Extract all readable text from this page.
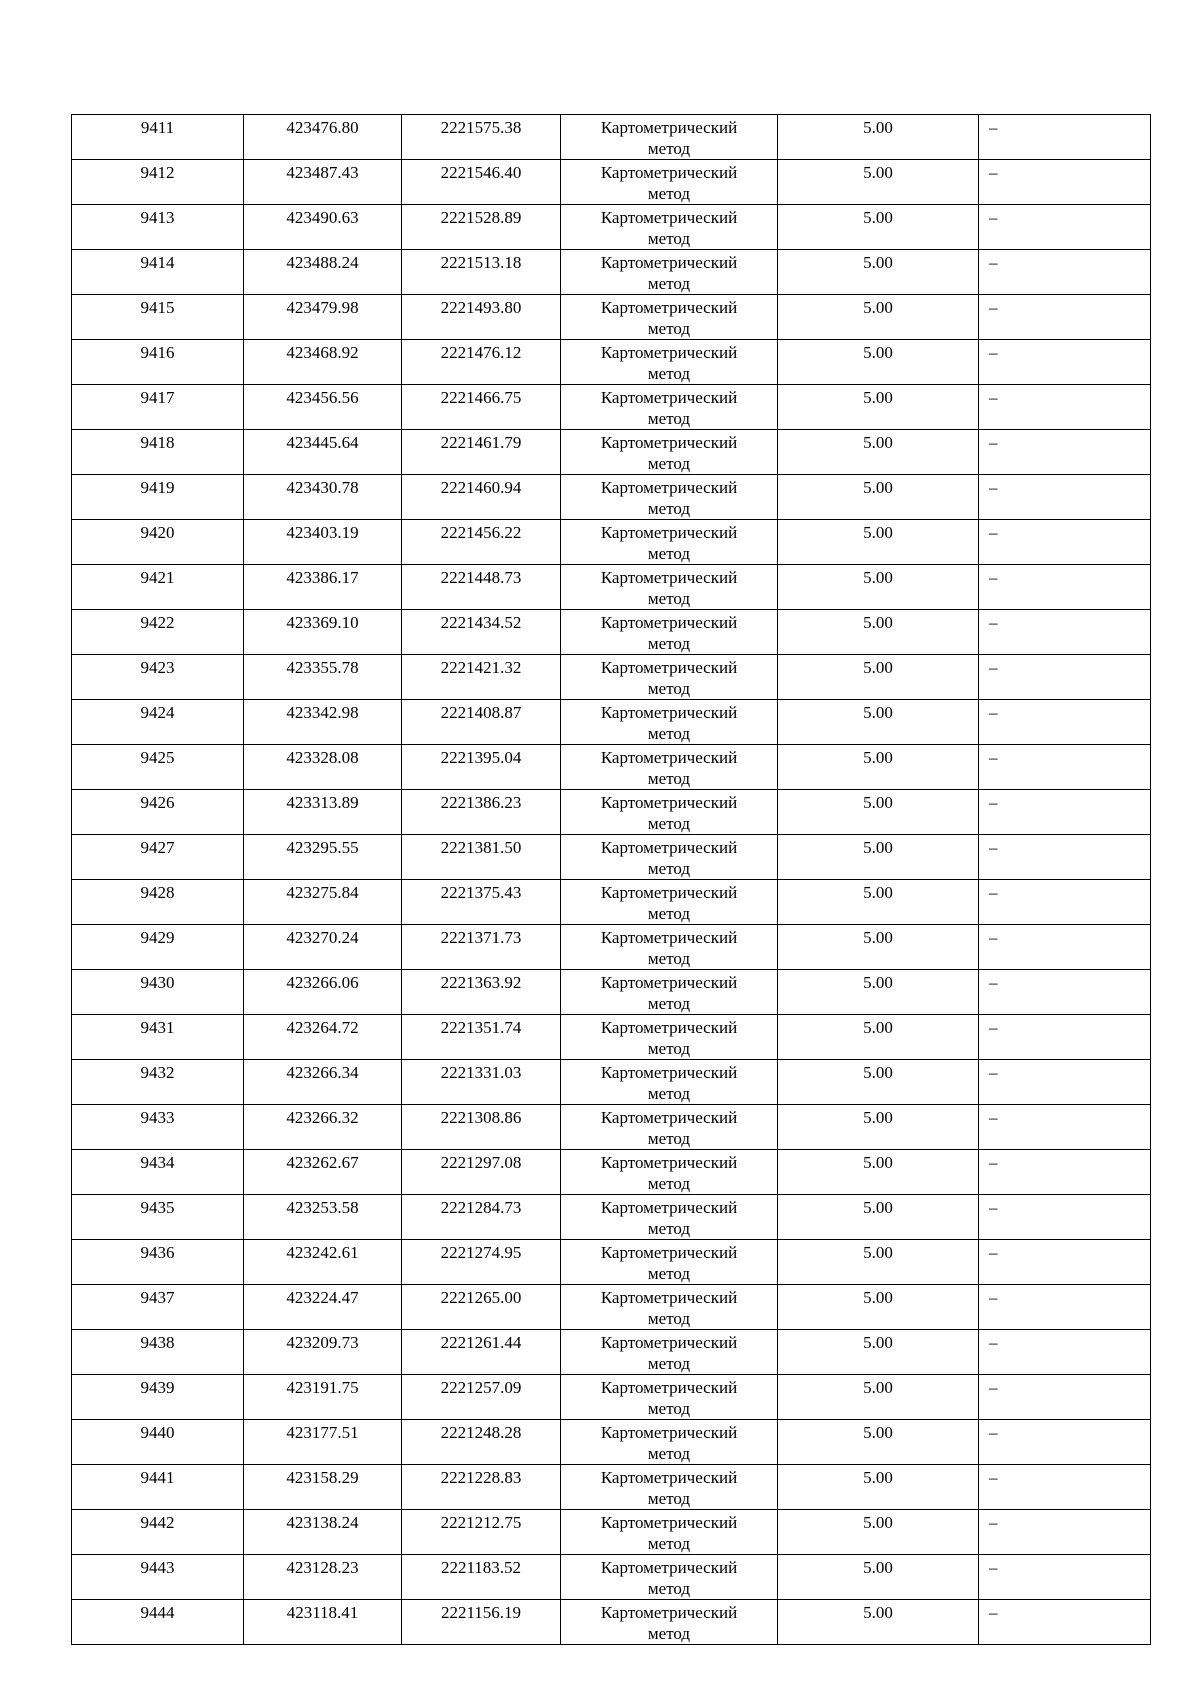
9411	423476.80	2221575.38	Картометрический
метод	5.00	–

9412	423487.43	2221546.40	Картометрический
метод	5.00	–

9413	423490.63	2221528.89	Картометрический
метод	5.00	–

9414	423488.24	2221513.18	Картометрический
метод	5.00	–

9415	423479.98	2221493.80	Картометрический
метод	5.00	–

9416	423468.92	2221476.12	Картометрический
метод	5.00	–

9417	423456.56	2221466.75	Картометрический
метод	5.00	–

9418	423445.64	2221461.79	Картометрический
метод	5.00	–

9419	423430.78	2221460.94	Картометрический
метод	5.00	–

9420	423403.19	2221456.22	Картометрический
метод	5.00	–

9421	423386.17	2221448.73	Картометрический
метод	5.00	–

9422	423369.10	2221434.52	Картометрический
метод	5.00	–

9423	423355.78	2221421.32	Картометрический
метод	5.00	–

9424	423342.98	2221408.87	Картометрический
метод	5.00	–

9425	423328.08	2221395.04	Картометрический
метод	5.00	–

9426	423313.89	2221386.23	Картометрический
метод	5.00	–

9427	423295.55	2221381.50	Картометрический
метод	5.00	–

9428	423275.84	2221375.43	Картометрический
метод	5.00	–

9429	423270.24	2221371.73	Картометрический
метод	5.00	–

9430	423266.06	2221363.92	Картометрический
метод	5.00	–

9431	423264.72	2221351.74	Картометрический
метод	5.00	–

9432	423266.34	2221331.03	Картометрический
метод	5.00	–

9433	423266.32	2221308.86	Картометрический
метод	5.00	–

9434	423262.67	2221297.08	Картометрический
метод	5.00	–

9435	423253.58	2221284.73	Картометрический
метод	5.00	–

9436	423242.61	2221274.95	Картометрический
метод	5.00	–

9437	423224.47	2221265.00	Картометрический
метод	5.00	–

9438	423209.73	2221261.44	Картометрический
метод	5.00	–

9439	423191.75	2221257.09	Картометрический
метод	5.00	–

9440	423177.51	2221248.28	Картометрический
метод	5.00	–

9441	423158.29	2221228.83	Картометрический
метод	5.00	–

9442	423138.24	2221212.75	Картометрический
метод	5.00	–

9443	423128.23	2221183.52	Картометрический
метод	5.00	–

9444	423118.41	2221156.19	Картометрический
метод	5.00	–
